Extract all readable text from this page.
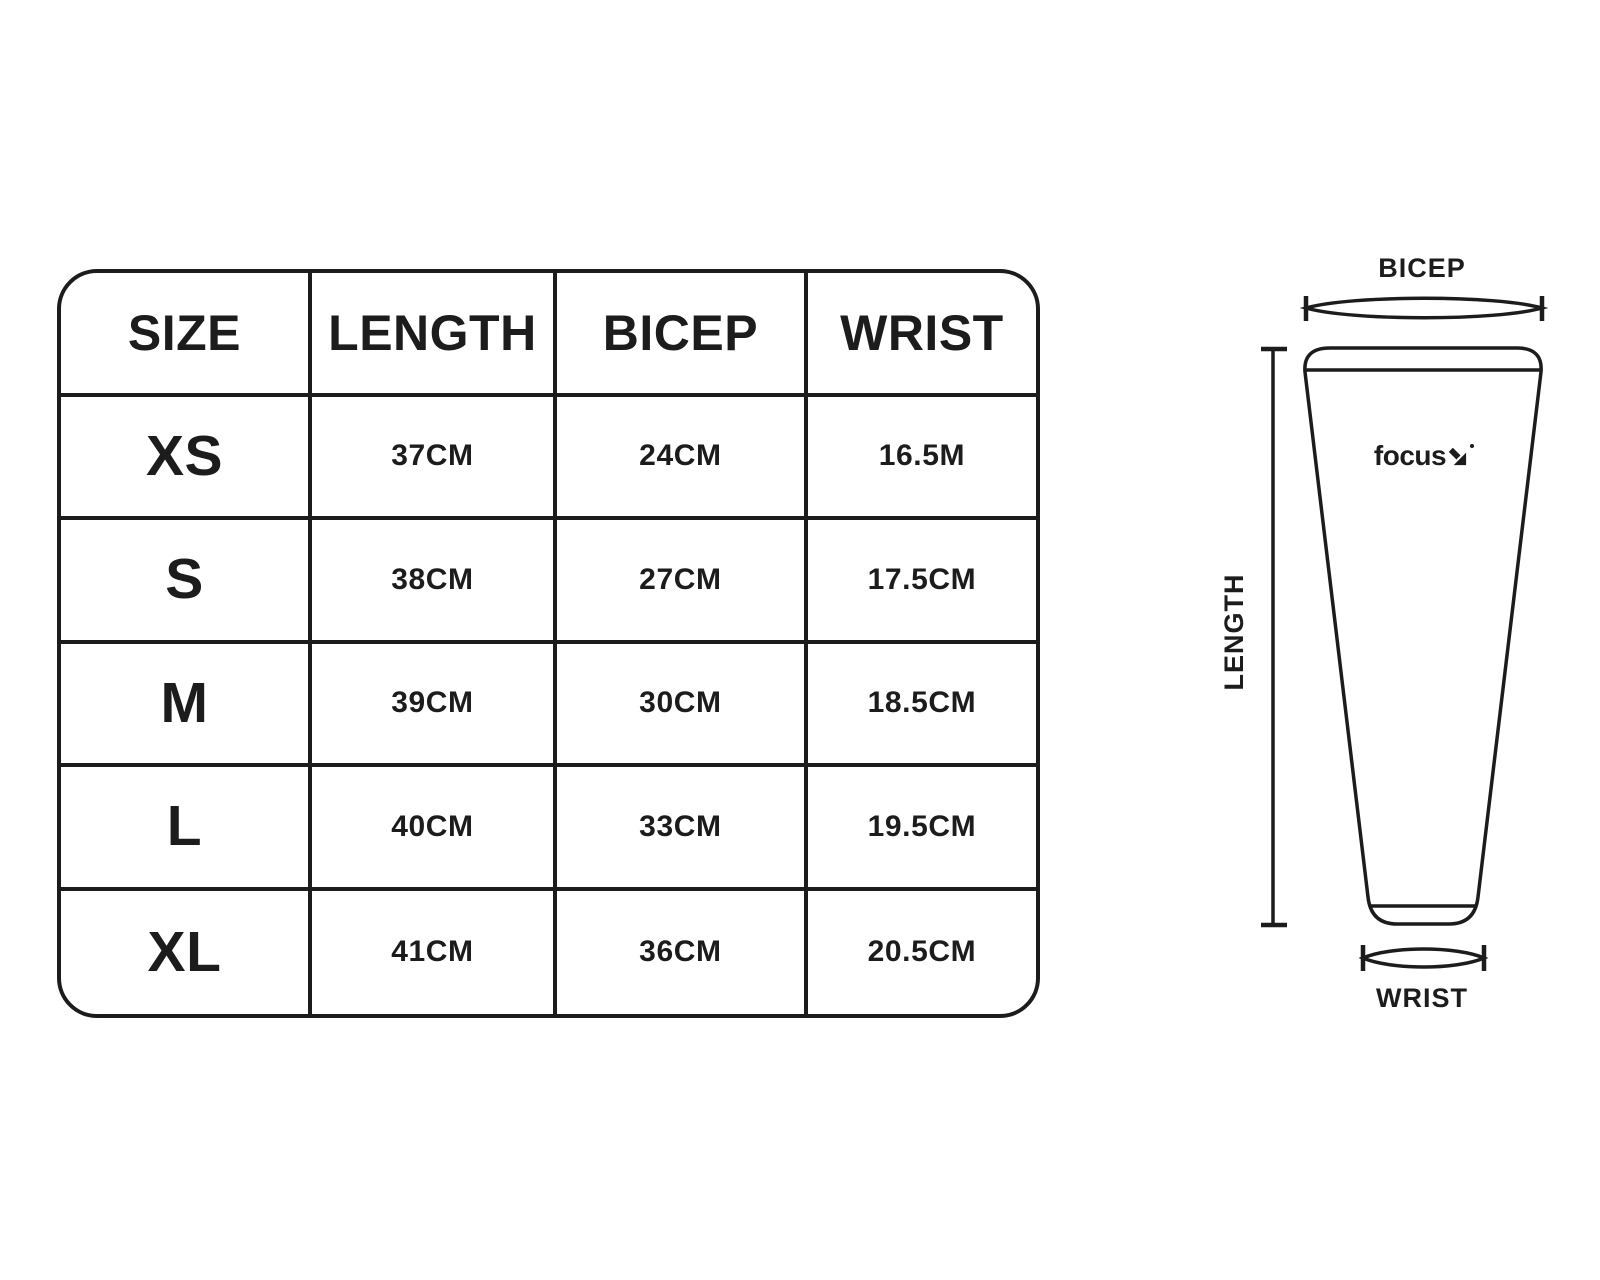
SIZE	LENGTH	BICEP	WRIST
XS	37CM	24CM	16.5M
S	38CM	27CM	17.5CM
M	39CM	30CM	18.5CM
L	40CM	33CM	19.5CM
XL	41CM	36CM	20.5CM
BICEP
LENGTH
WRIST
focus
